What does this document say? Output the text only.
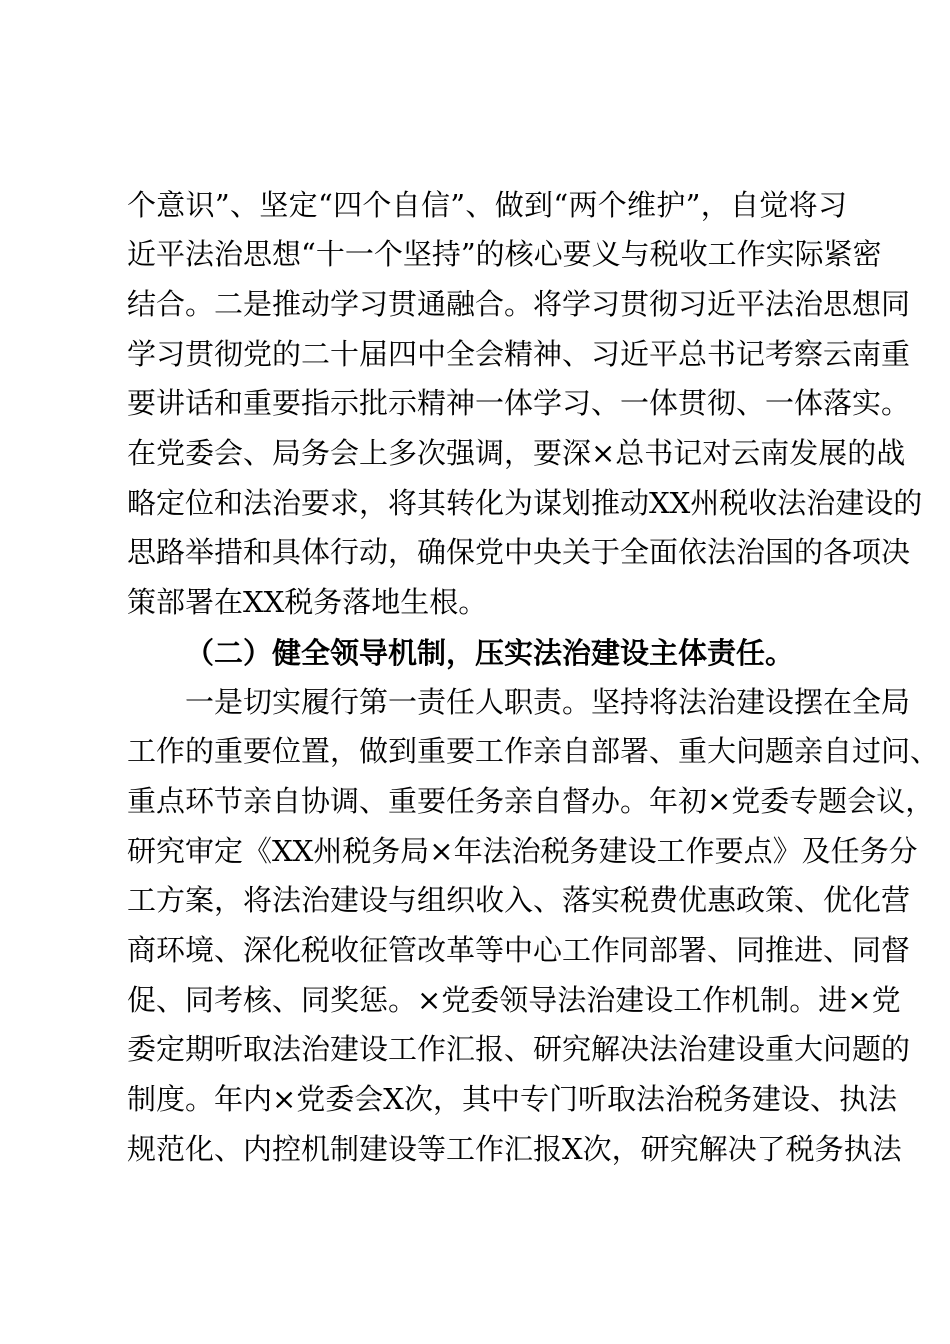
个意识”、坚定“四个自信”、做到“两个维护”，自觉将习
近平法治思想“十一个坚持”的核心要义与税收工作实际紧密
结合。二是推动学习贯通融合。将学习贯彻习近平法治思想同
学习贯彻党的二十届四中全会精神、习近平总书记考察云南重
要讲话和重要指示批示精神一体学习、一体贯彻、一体落实。
在党委会、局务会上多次强调，要深×总书记对云南发展的战
略定位和法治要求，将其转化为谋划推动XX州税收法治建设的
思路举措和具体行动，确保党中央关于全面依法治国的各项决
策部署在XX税务落地生根。
（二）健全领导机制，压实法治建设主体责任。
一是切实履行第一责任人职责。坚持将法治建设摆在全局
工作的重要位置，做到重要工作亲自部署、重大问题亲自过问、
重点环节亲自协调、重要任务亲自督办。年初×党委专题会议，
研究审定《XX州税务局×年法治税务建设工作要点》及任务分
工方案，将法治建设与组织收入、落实税费优惠政策、优化营
商环境、深化税收征管改革等中心工作同部署、同推进、同督
促、同考核、同奖惩。×党委领导法治建设工作机制。进×党
委定期听取法治建设工作汇报、研究解决法治建设重大问题的
制度。年内×党委会X次，其中专门听取法治税务建设、执法
规范化、内控机制建设等工作汇报X次，研究解决了税务执法
